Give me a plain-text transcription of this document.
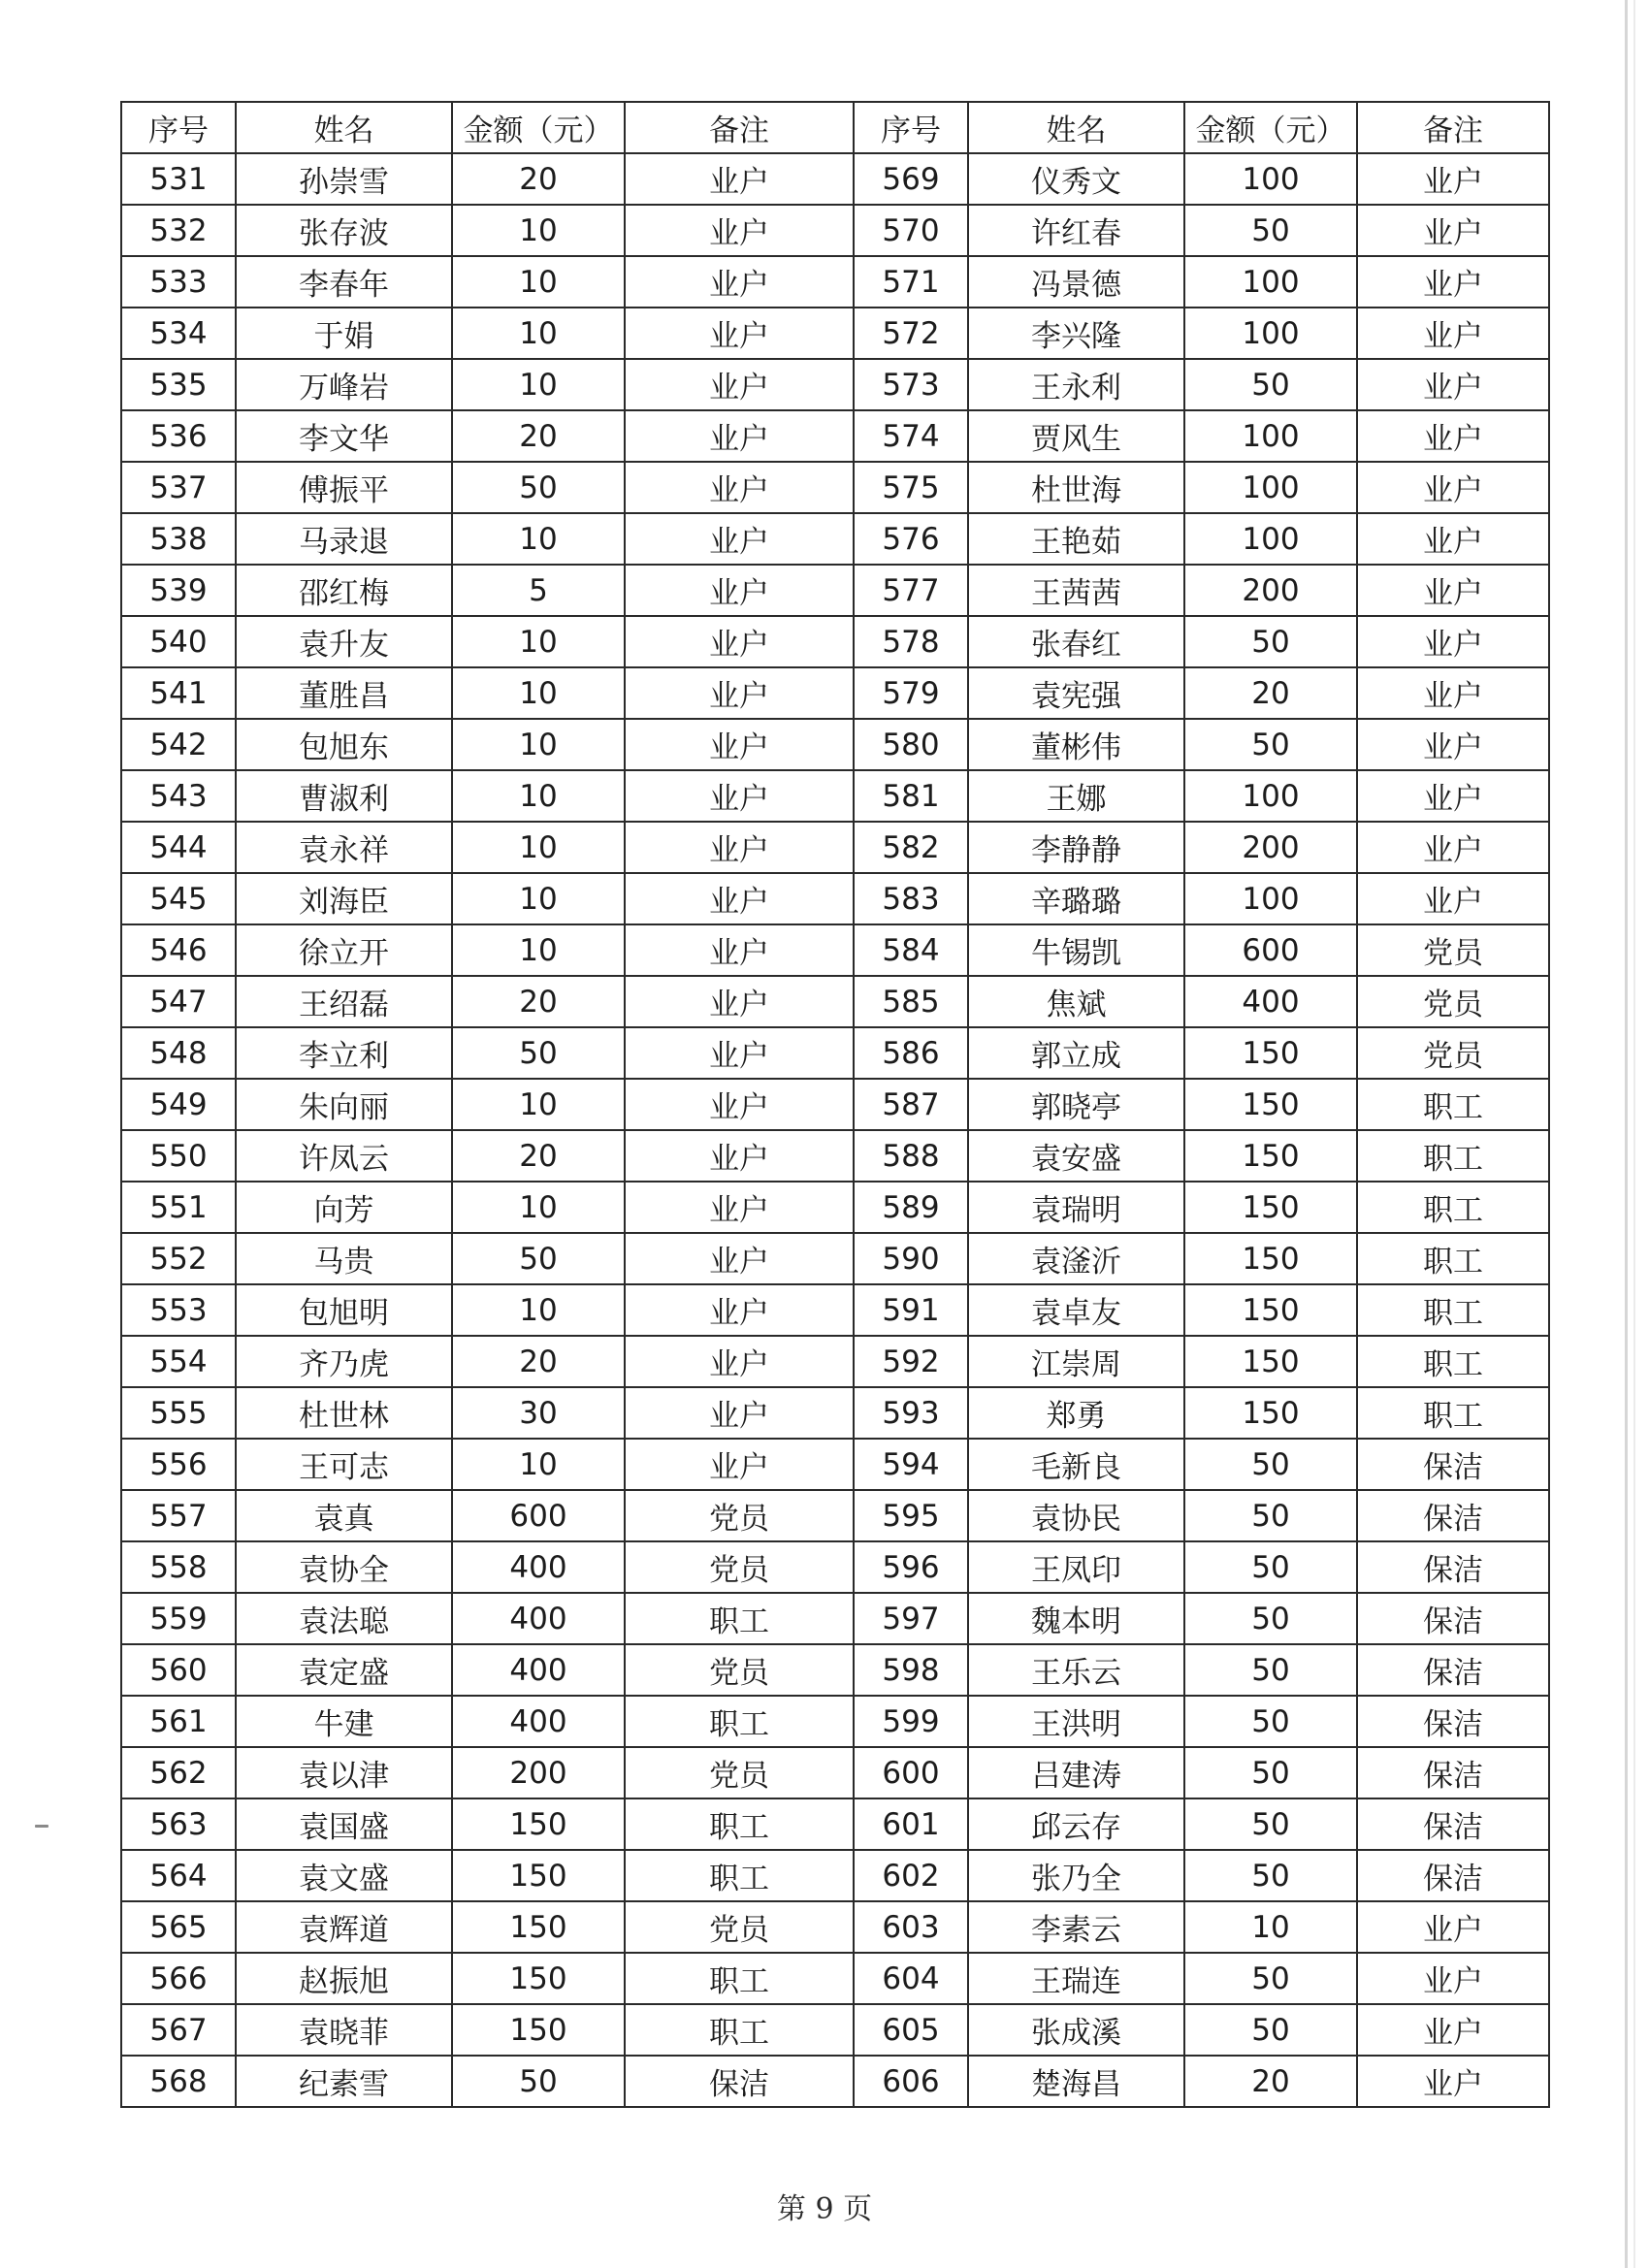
序号	姓名	金额（元）	备注	序号	姓名	金额（元）	备注
531	孙崇雪	20	业户	569	仪秀文	100	业户
532	张存波	10	业户	570	许红春	50	业户
533	李春年	10	业户	571	冯景德	100	业户
534	于娟	10	业户	572	李兴隆	100	业户
535	万峰岩	10	业户	573	王永利	50	业户
536	李文华	20	业户	574	贾风生	100	业户
537	傅振平	50	业户	575	杜世海	100	业户
538	马录退	10	业户	576	王艳茹	100	业户
539	邵红梅	5	业户	577	王茜茜	200	业户
540	袁升友	10	业户	578	张春红	50	业户
541	董胜昌	10	业户	579	袁宪强	20	业户
542	包旭东	10	业户	580	董彬伟	50	业户
543	曹淑利	10	业户	581	王娜	100	业户
544	袁永祥	10	业户	582	李静静	200	业户
545	刘海臣	10	业户	583	辛璐璐	100	业户
546	徐立开	10	业户	584	牛锡凯	600	党员
547	王绍磊	20	业户	585	焦斌	400	党员
548	李立利	50	业户	586	郭立成	150	党员
549	朱向丽	10	业户	587	郭晓亭	150	职工
550	许凤云	20	业户	588	袁安盛	150	职工
551	向芳	10	业户	589	袁瑞明	150	职工
552	马贵	50	业户	590	袁滏沂	150	职工
553	包旭明	10	业户	591	袁卓友	150	职工
554	齐乃虎	20	业户	592	江崇周	150	职工
555	杜世林	30	业户	593	郑勇	150	职工
556	王可志	10	业户	594	毛新良	50	保洁
557	袁真	600	党员	595	袁协民	50	保洁
558	袁协全	400	党员	596	王凤印	50	保洁
559	袁法聪	400	职工	597	魏本明	50	保洁
560	袁定盛	400	党员	598	王乐云	50	保洁
561	牛建	400	职工	599	王洪明	50	保洁
562	袁以津	200	党员	600	吕建涛	50	保洁
563	袁国盛	150	职工	601	邱云存	50	保洁
564	袁文盛	150	职工	602	张乃全	50	保洁
565	袁辉道	150	党员	603	李素云	10	业户
566	赵振旭	150	职工	604	王瑞连	50	业户
567	袁晓菲	150	职工	605	张成溪	50	业户
568	纪素雪	50	保洁	606	楚海昌	20	业户
第 9 页
